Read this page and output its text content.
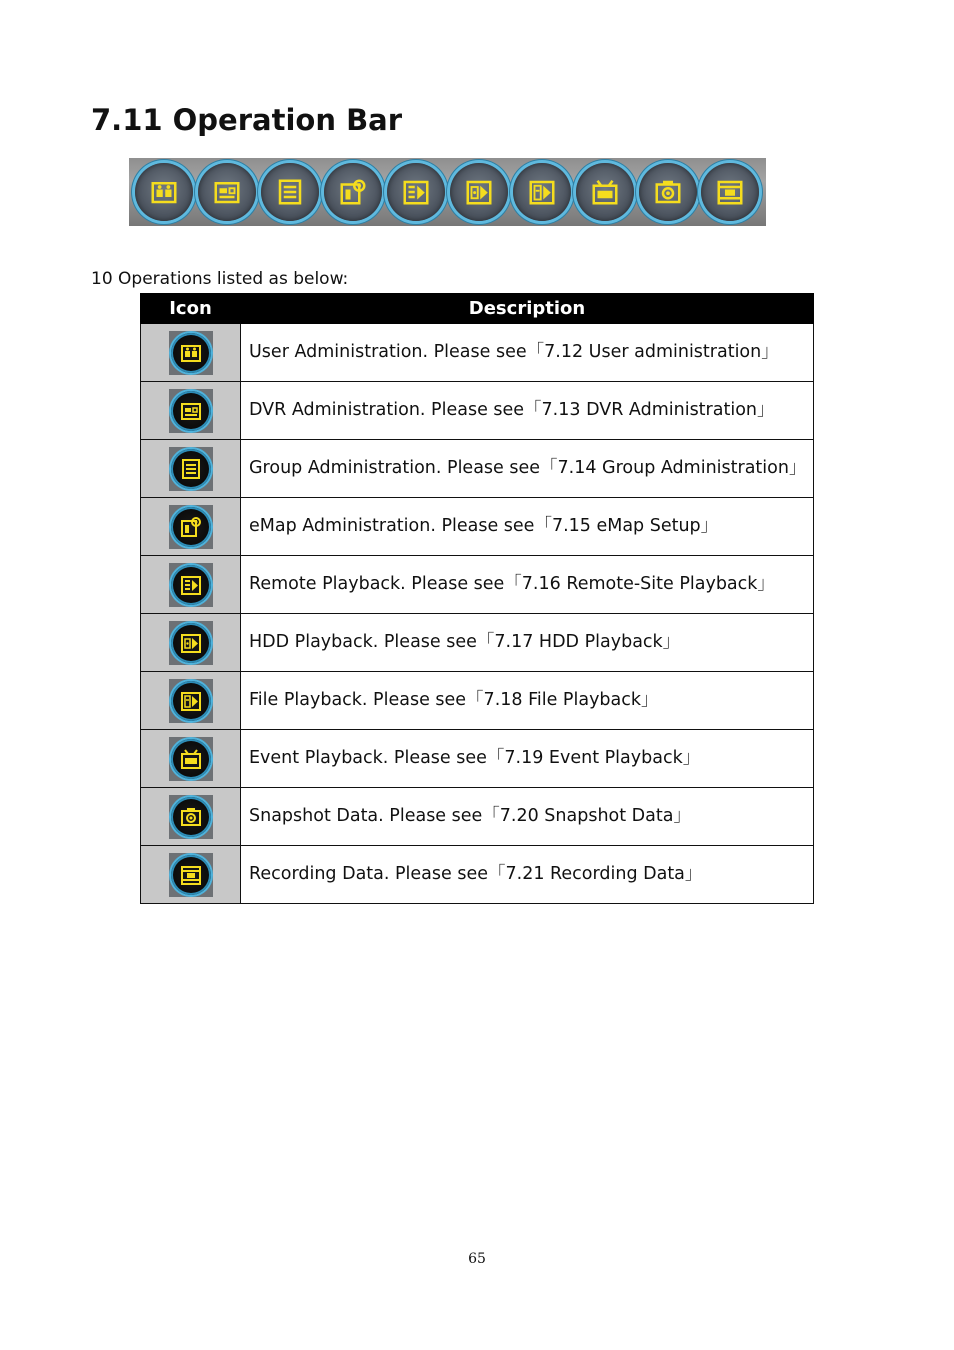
7.11 Operation Bar
10 Operations listed as below:
Icon	Description

	User Administration. Please see「7.12 User administration」

	DVR Administration. Please see「7.13 DVR Administration」

	Group Administration. Please see「7.14 Group Administration」

	eMap Administration. Please see「7.15 eMap Setup」

	Remote Playback. Please see「7.16 Remote-Site Playback」

	HDD Playback. Please see「7.17 HDD Playback」

	File Playback. Please see「7.18 File Playback」

	Event Playback. Please see「7.19 Event Playback」

	Snapshot Data. Please see「7.20 Snapshot Data」

	Recording Data. Please see「7.21 Recording Data」
65
